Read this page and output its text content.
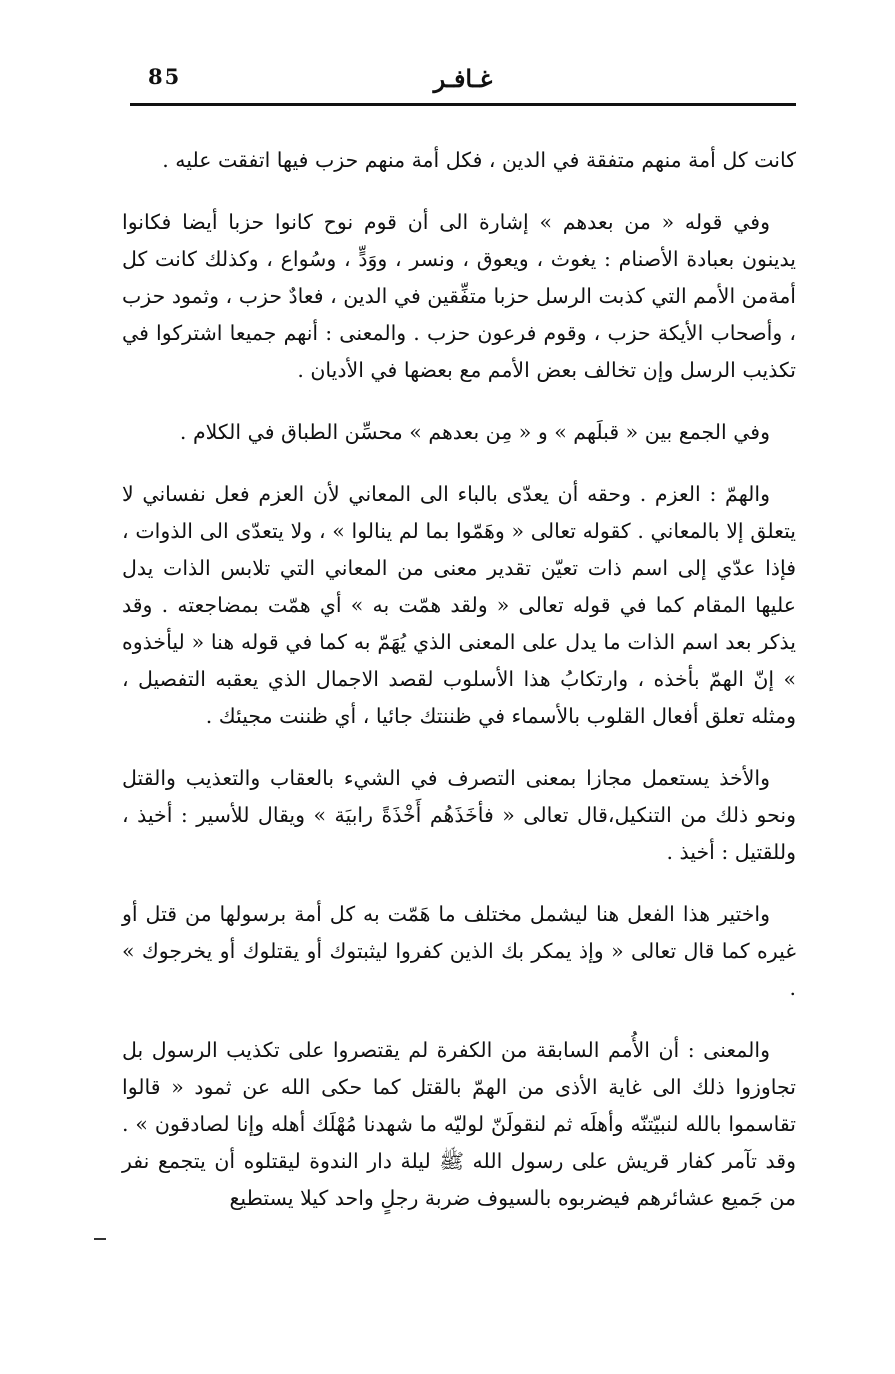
85	غـافـر

كانت كل أمة منهم متفقة في الدين ، فكل أمة منهم حزب فيها اتفقت عليه .

وفي قوله « من بعدهم » إشارة الى أن قوم نوح كانوا حزبا أيضا فكانوا يدينون بعبادة الأصنام : يغوث ، ويعوق ، ونسر ، ووَدٍّ ، وسُواع ، وكذلك كانت كل أمةمن الأمم التي كذبت الرسل حزبا متفِّقين في الدين ، فعادٌ حزب ، وثمود حزب ، وأصحاب الأيكة حزب ، وقوم فرعون حزب . والمعنى : أنهم جميعا اشتركوا في تكذيب الرسل وإن تخالف بعض الأمم مع بعضها في الأديان .

وفي الجمع بين « قبلَهم » و « مِن بعدهم » محسِّن الطباق في الكلام .

والهمّ : العزم . وحقه أن يعدّى بالباء الى المعاني لأن العزم فعل نفساني لا يتعلق إلا بالمعاني . كقوله تعالى « وهَمّوا بما لم ينالوا » ، ولا يتعدّى الى الذوات ، فإذا عدّي إلى اسم ذات تعيّن تقدير معنى من المعاني التي تلابس الذات يدل عليها المقام كما في قوله تعالى « ولقد همّت به » أي همّت بمضاجعته . وقد يذكر بعد اسم الذات ما يدل على المعنى الذي يُهَمّ به كما في قوله هنا « ليأخذوه » إنّ الهمّ بأخذه ، وارتكابُ هذا الأسلوب لقصد الاجمال الذي يعقبه التفصيل ، ومثله تعلق أفعال القلوب بالأسماء في ظننتك جائيا ، أي ظننت مجيئك .

والأخذ يستعمل مجازا بمعنى التصرف في الشيء بالعقاب والتعذيب والقتل ونحو ذلك من التنكيل،قال تعالى « فأخَذَهُم أَخْذَةً رابيَة » ويقال للأسير : أخيذ ، وللقتيل : أخيذ .

واختير هذا الفعل هنا ليشمل مختلف ما هَمّت به كل أمة برسولها من قتل أو غيره كما قال تعالى « وإذ يمكر بك الذين كفروا ليثبتوك أو يقتلوك أو يخرجوك » .

والمعنى : أن الأُمم السابقة من الكفرة لم يقتصروا على تكذيب الرسول بل تجاوزوا ذلك الى غاية الأذى من الهمّ بالقتل كما حكى الله عن ثمود « قالوا تقاسموا بالله لنبيّتنّه وأهلَه ثم لنقولَنّ لوليّه ما شهدنا مُهْلَك أهله وإنا لصادقون » . وقد تآمر كفار قريش على رسول الله ﷺ ليلة دار الندوة ليقتلوه أن يتجمع نفر من جَميع عشائرهم فيضربوه بالسيوف ضربة رجلٍ واحد كيلا يستطيع
